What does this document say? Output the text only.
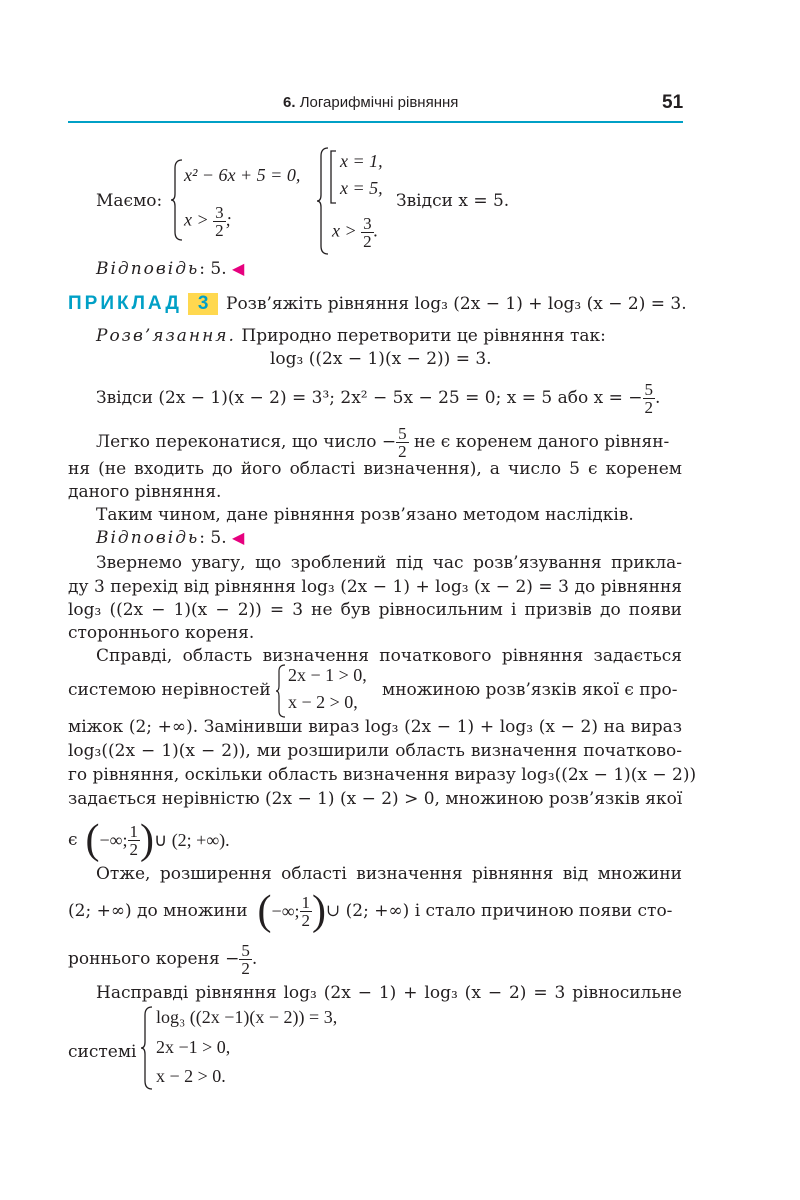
6. Логарифмічні рівняння	51
Маємо:
x² − 6x + 5 = 0,
$x > \frac{3}{2}$ ;
x = 1,
x = 5,
$x > \frac{3}{2}$ .
Звідси x = 5.
Відповідь: 5. ◀
ПРИКЛАД 3	Розв’яжіть рівняння log₃ (2x − 1) + log₃ (x − 2) = 3.
Розв’язання. Природно перетворити це рівняння так:
log₃ ((2x − 1)(x − 2)) = 3.
Звідси (2x − 1)(x − 2) = 3³; 2x² − 5x − 25 = 0; x = 5 або x = − $\frac{5}{2}$ .
Легко переконатися, що число − $\frac{5}{2}$ не є коренем даного рівнян-
ня (не входить до його області визначення), а число 5 є коренем
даного рівняння.
Таким чином, дане рівняння розв’язано методом наслідків.
Відповідь: 5. ◀
Звернемо увагу, що зроблений під час розв’язування прикла-
ду 3 перехід від рівняння log₃ (2x − 1) + log₃ (x − 2) = 3 до рівняння
log₃ ((2x − 1)(x − 2)) = 3 не був рівносильним і призвів до появи
стороннього кореня.
Справді, область визначення початкового рівняння задається
системою нерівностей
2x − 1 > 0,
x − 2 > 0,
множиною розв’язків якої є про-
міжок (2; +∞). Замінивши вираз log₃ (2x − 1) + log₃ (x − 2) на вираз
log₃((2x − 1)(x − 2)), ми розширили область визначення початково-
го рівняння, оскільки область визначення виразу log₃((2x − 1)(x − 2))
задається нерівністю (2x − 1) (x − 2) > 0, множиною розв’язків якої
є ( −∞; $\frac{1}{2}$ ) ∪ (2; +∞).
Отже, розширення області визначення рівняння від множини
(2; +∞) до множини ( −∞; $\frac{1}{2}$ ) ∪ (2; +∞) і стало причиною появи сто-
роннього кореня − $\frac{5}{2}$ .
Насправді рівняння log₃ (2x − 1) + log₃ (x − 2) = 3 рівносильне
системі
log₃ ((2x −1)(x − 2)) = 3,
2x −1 > 0,
x − 2 > 0.
